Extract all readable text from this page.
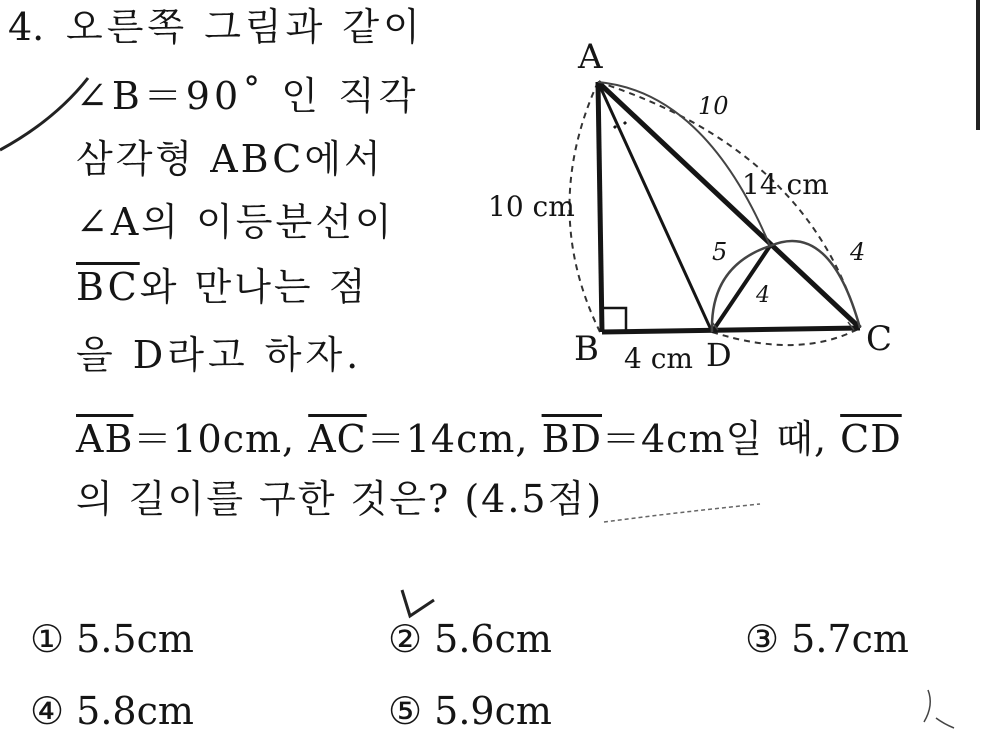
4. 오른쪽 그림과 같이
∠B＝90˚ 인 직각
삼각형 ABC에서
∠A의 이등분선이
$\overline{BC}$와 만나는 점
을 D라고 하자.
$\overline{AB}=10cm$, $\overline{AC}=14cm$, $\overline{BD}=4cm$일 때, $\overline{CD}$
의 길이를 구한 것은? (4.5점)
A
B	C
D
10 cm
14 cm
4 cm
10
5
4
4
① 5.5cm	② 5.6cm	③ 5.7cm
④ 5.8cm	⑤ 5.9cm
